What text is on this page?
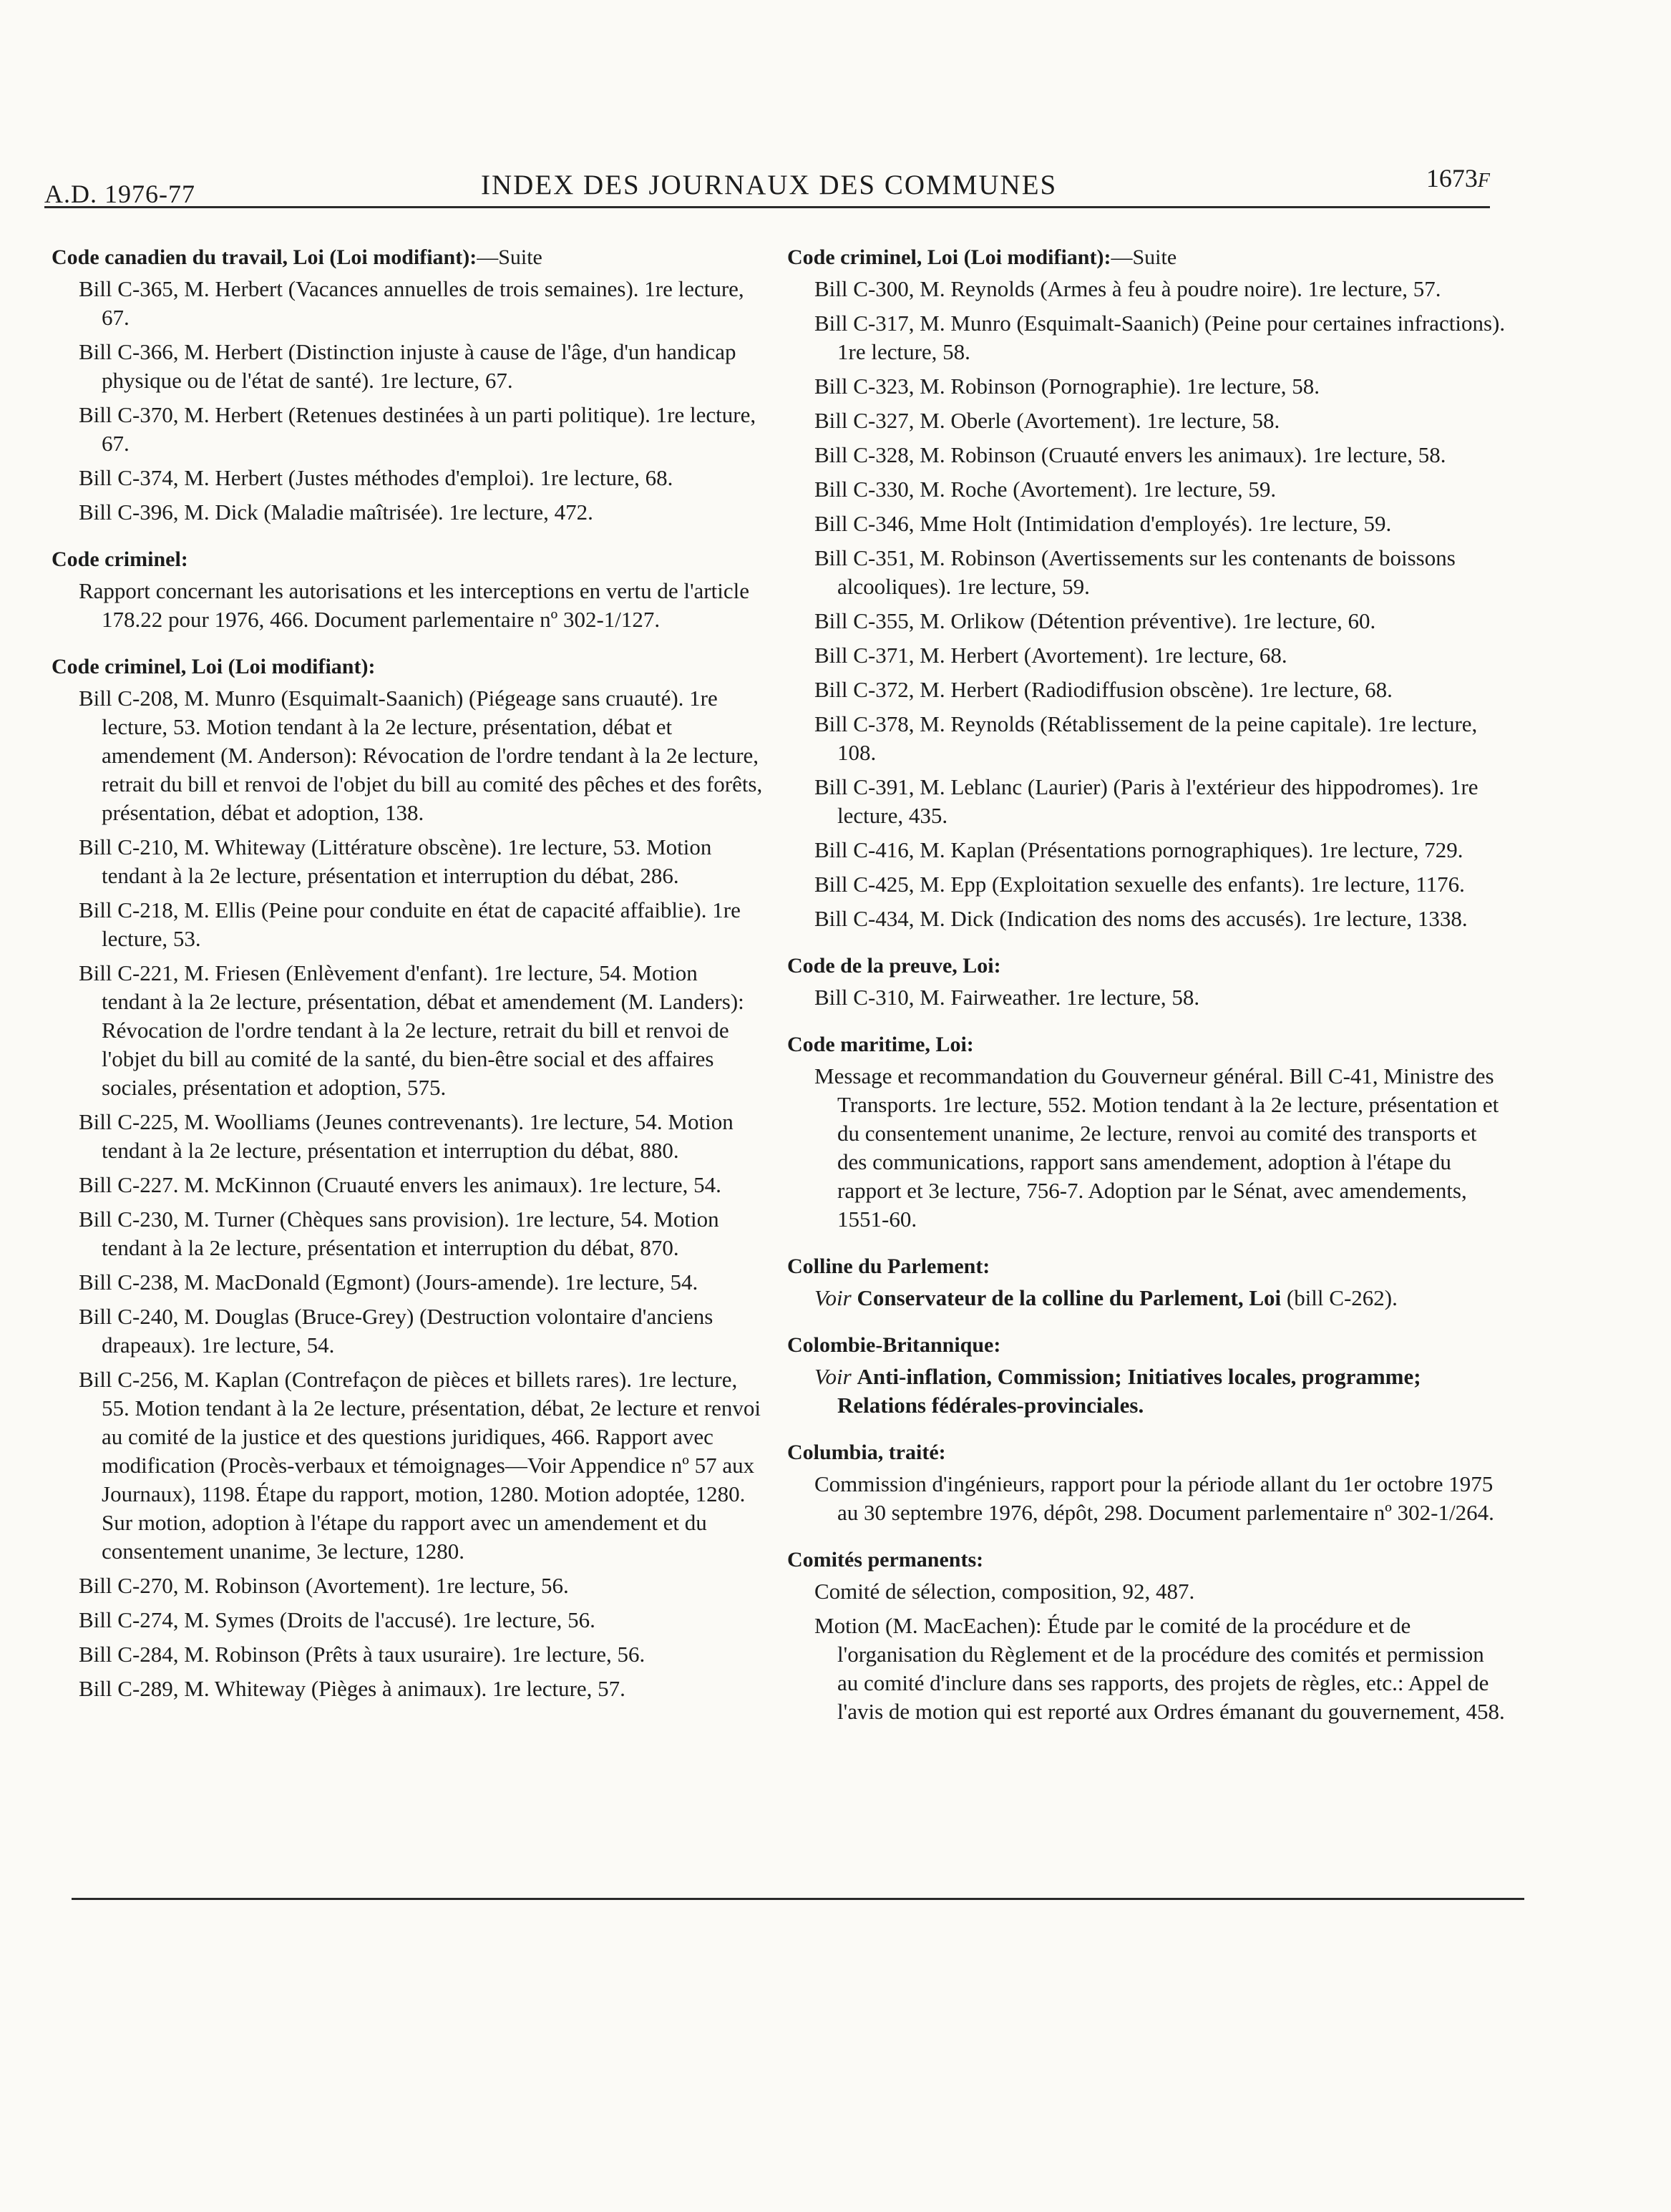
A.D. 1976-77	INDEX DES JOURNAUX DES COMMUNES	1673F
Code canadien du travail, Loi (Loi modifiant):—Suite
Bill C-365, M. Herbert (Vacances annuelles de trois semaines). 1re lecture, 67.
Bill C-366, M. Herbert (Distinction injuste à cause de l'âge, d'un handicap physique ou de l'état de santé). 1re lecture, 67.
Bill C-370, M. Herbert (Retenues destinées à un parti politique). 1re lecture, 67.
Bill C-374, M. Herbert (Justes méthodes d'emploi). 1re lecture, 68.
Bill C-396, M. Dick (Maladie maîtrisée). 1re lecture, 472.
Code criminel:
Rapport concernant les autorisations et les interceptions en vertu de l'article 178.22 pour 1976, 466. Document parlementaire nº 302-1/127.
Code criminel, Loi (Loi modifiant):
Bill C-208, M. Munro (Esquimalt-Saanich) (Piégeage sans cruauté). 1re lecture, 53. Motion tendant à la 2e lecture, présentation, débat et amendement (M. Anderson): Révocation de l'ordre tendant à la 2e lecture, retrait du bill et renvoi de l'objet du bill au comité des pêches et des forêts, présentation, débat et adoption, 138.
Bill C-210, M. Whiteway (Littérature obscène). 1re lecture, 53. Motion tendant à la 2e lecture, présentation et interruption du débat, 286.
Bill C-218, M. Ellis (Peine pour conduite en état de capacité affaiblie). 1re lecture, 53.
Bill C-221, M. Friesen (Enlèvement d'enfant). 1re lecture, 54. Motion tendant à la 2e lecture, présentation, débat et amendement (M. Landers): Révocation de l'ordre tendant à la 2e lecture, retrait du bill et renvoi de l'objet du bill au comité de la santé, du bien-être social et des affaires sociales, présentation et adoption, 575.
Bill C-225, M. Woolliams (Jeunes contrevenants). 1re lecture, 54. Motion tendant à la 2e lecture, présentation et interruption du débat, 880.
Bill C-227. M. McKinnon (Cruauté envers les animaux). 1re lecture, 54.
Bill C-230, M. Turner (Chèques sans provision). 1re lecture, 54. Motion tendant à la 2e lecture, présentation et interruption du débat, 870.
Bill C-238, M. MacDonald (Egmont) (Jours-amende). 1re lecture, 54.
Bill C-240, M. Douglas (Bruce-Grey) (Destruction volontaire d'anciens drapeaux). 1re lecture, 54.
Bill C-256, M. Kaplan (Contrefaçon de pièces et billets rares). 1re lecture, 55. Motion tendant à la 2e lecture, présentation, débat, 2e lecture et renvoi au comité de la justice et des questions juridiques, 466. Rapport avec modification (Procès-verbaux et témoignages—Voir Appendice nº 57 aux Journaux), 1198. Étape du rapport, motion, 1280. Motion adoptée, 1280. Sur motion, adoption à l'étape du rapport avec un amendement et du consentement unanime, 3e lecture, 1280.
Bill C-270, M. Robinson (Avortement). 1re lecture, 56.
Bill C-274, M. Symes (Droits de l'accusé). 1re lecture, 56.
Bill C-284, M. Robinson (Prêts à taux usuraire). 1re lecture, 56.
Bill C-289, M. Whiteway (Pièges à animaux). 1re lecture, 57.
Code criminel, Loi (Loi modifiant):—Suite
Bill C-300, M. Reynolds (Armes à feu à poudre noire). 1re lecture, 57.
Bill C-317, M. Munro (Esquimalt-Saanich) (Peine pour certaines infractions). 1re lecture, 58.
Bill C-323, M. Robinson (Pornographie). 1re lecture, 58.
Bill C-327, M. Oberle (Avortement). 1re lecture, 58.
Bill C-328, M. Robinson (Cruauté envers les animaux). 1re lecture, 58.
Bill C-330, M. Roche (Avortement). 1re lecture, 59.
Bill C-346, Mme Holt (Intimidation d'employés). 1re lecture, 59.
Bill C-351, M. Robinson (Avertissements sur les contenants de boissons alcooliques). 1re lecture, 59.
Bill C-355, M. Orlikow (Détention préventive). 1re lecture, 60.
Bill C-371, M. Herbert (Avortement). 1re lecture, 68.
Bill C-372, M. Herbert (Radiodiffusion obscène). 1re lecture, 68.
Bill C-378, M. Reynolds (Rétablissement de la peine capitale). 1re lecture, 108.
Bill C-391, M. Leblanc (Laurier) (Paris à l'extérieur des hippodromes). 1re lecture, 435.
Bill C-416, M. Kaplan (Présentations pornographiques). 1re lecture, 729.
Bill C-425, M. Epp (Exploitation sexuelle des enfants). 1re lecture, 1176.
Bill C-434, M. Dick (Indication des noms des accusés). 1re lecture, 1338.
Code de la preuve, Loi:
Bill C-310, M. Fairweather. 1re lecture, 58.
Code maritime, Loi:
Message et recommandation du Gouverneur général. Bill C-41, Ministre des Transports. 1re lecture, 552. Motion tendant à la 2e lecture, présentation et du consentement unanime, 2e lecture, renvoi au comité des transports et des communications, rapport sans amendement, adoption à l'étape du rapport et 3e lecture, 756-7. Adoption par le Sénat, avec amendements, 1551-60.
Colline du Parlement:
Voir Conservateur de la colline du Parlement, Loi (bill C-262).
Colombie-Britannique:
Voir Anti-inflation, Commission; Initiatives locales, programme; Relations fédérales-provinciales.
Columbia, traité:
Commission d'ingénieurs, rapport pour la période allant du 1er octobre 1975 au 30 septembre 1976, dépôt, 298. Document parlementaire nº 302-1/264.
Comités permanents:
Comité de sélection, composition, 92, 487.
Motion (M. MacEachen): Étude par le comité de la procédure et de l'organisation du Règlement et de la procédure des comités et permission au comité d'inclure dans ses rapports, des projets de règles, etc.: Appel de l'avis de motion qui est reporté aux Ordres émanant du gouvernement, 458.
